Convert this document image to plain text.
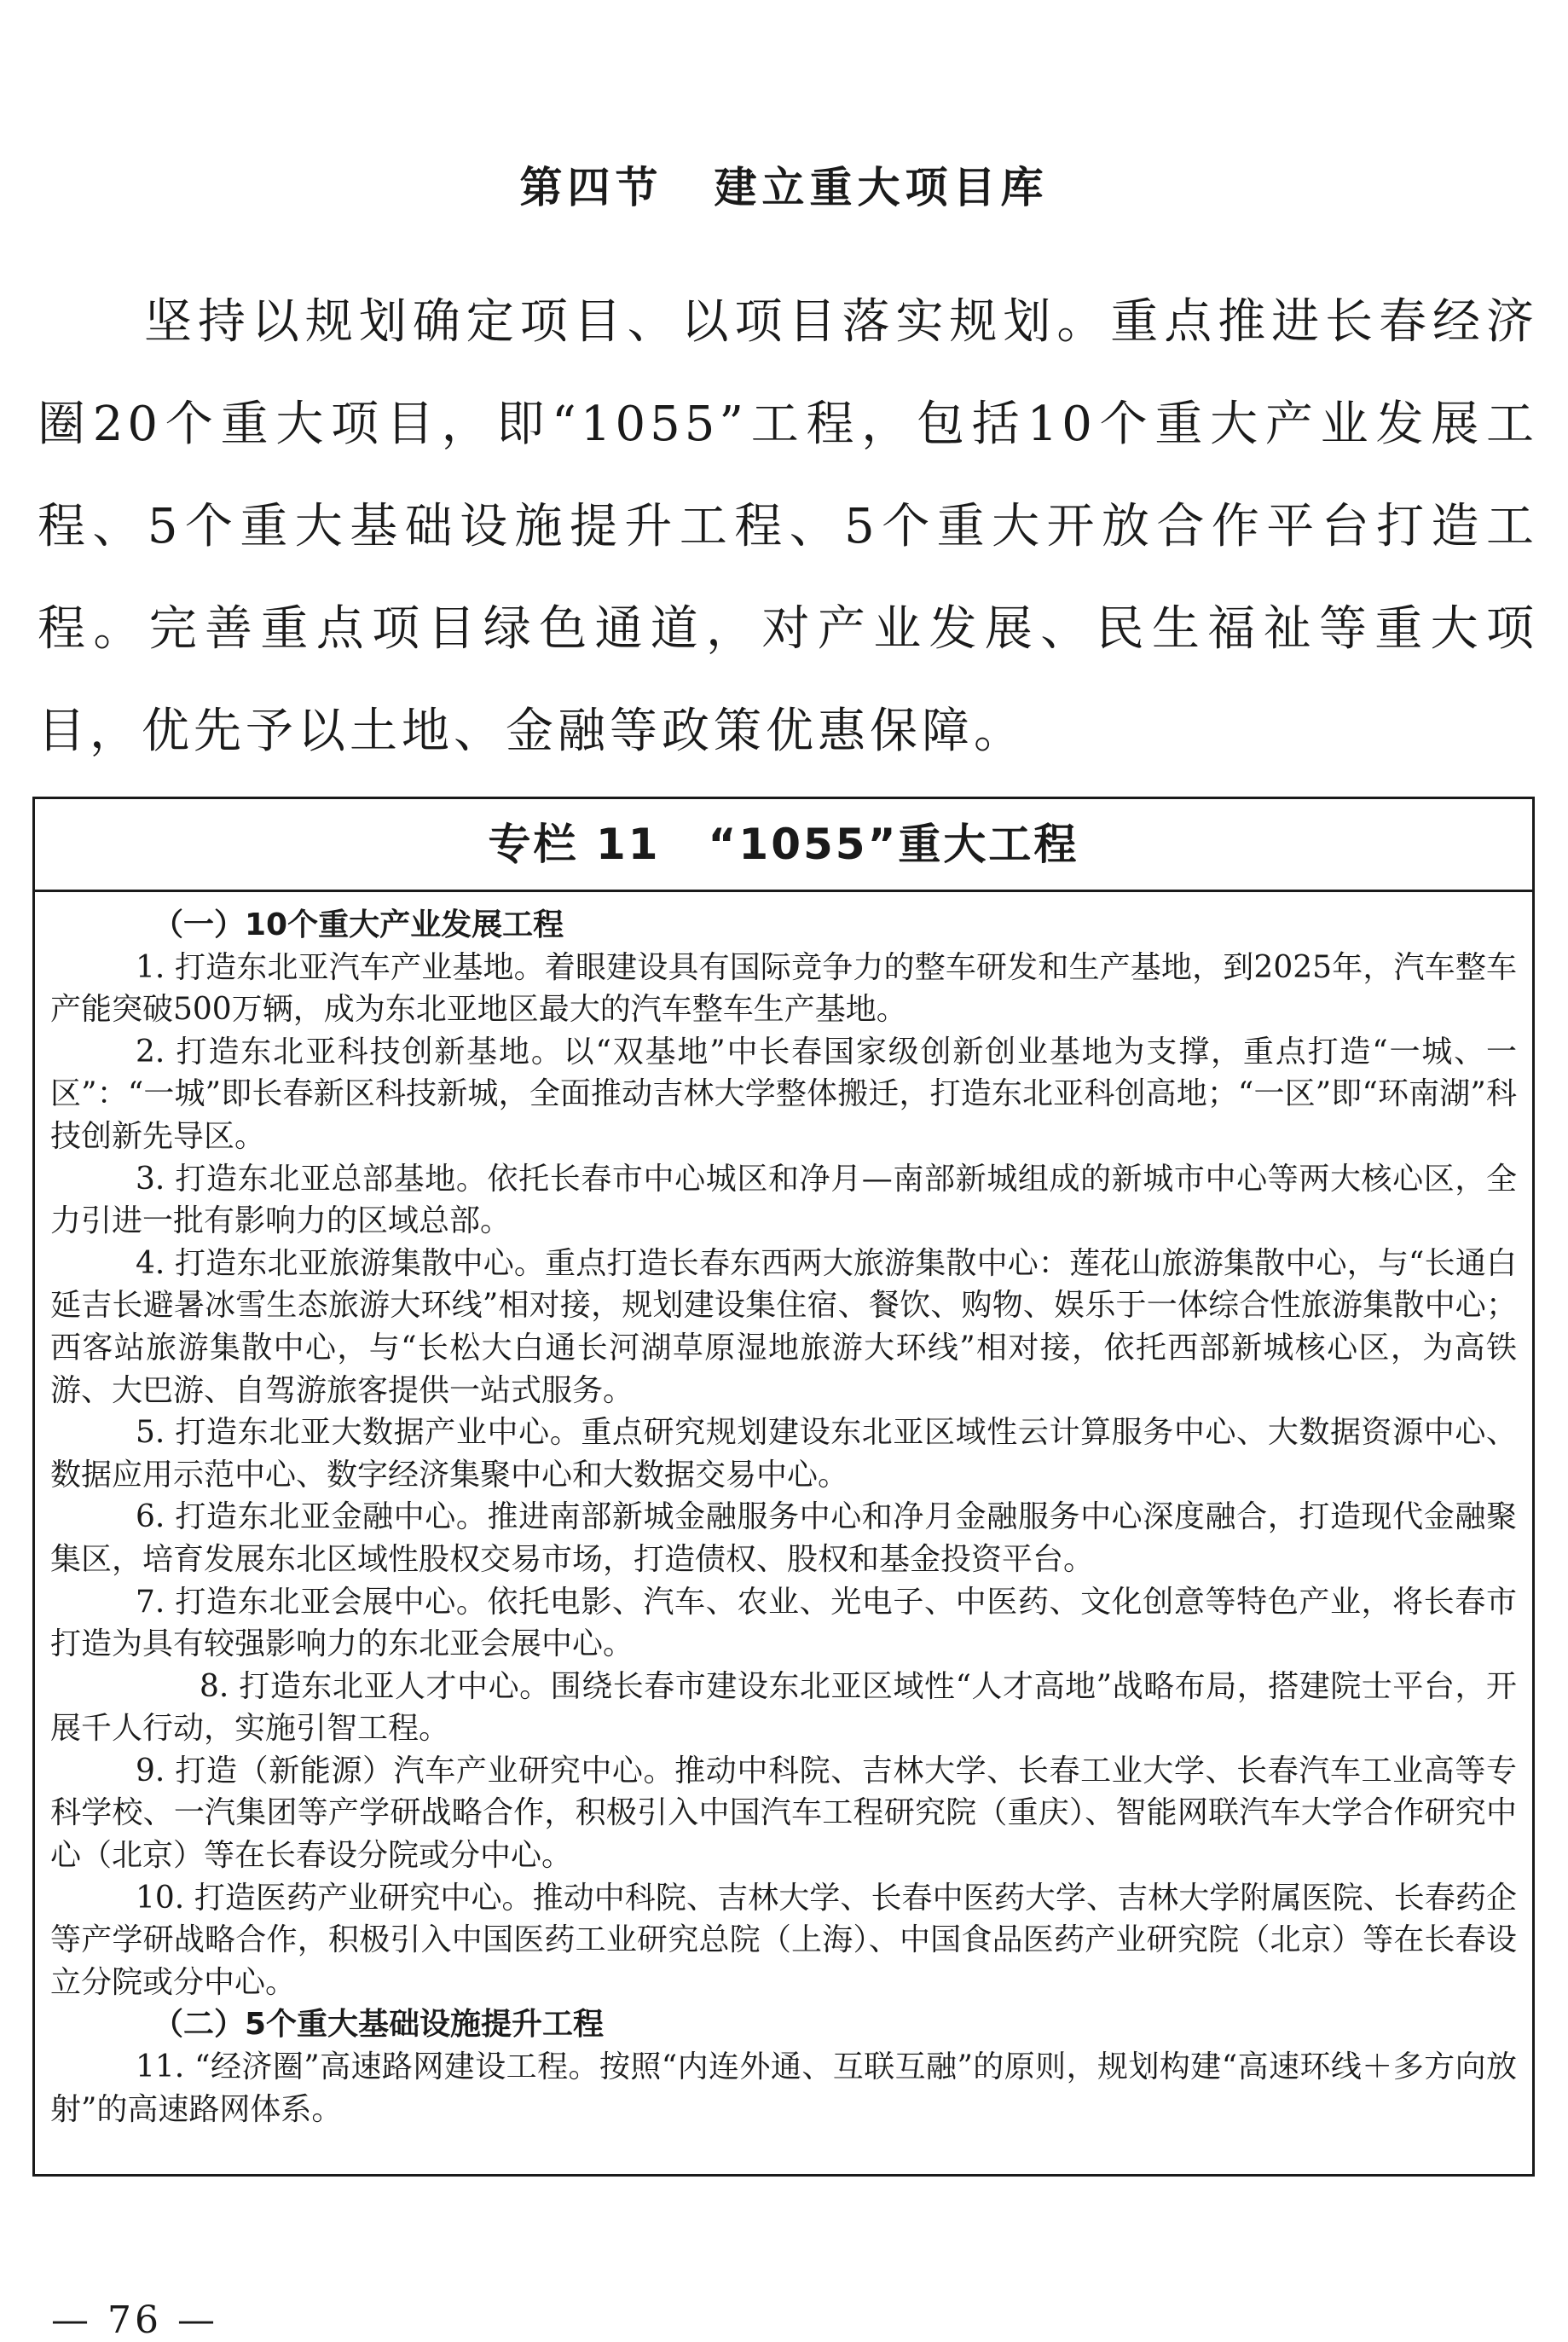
第四节 建立重大项目库

坚持以规划确定项目、以项目落实规划。重点推进长春经济圈20个重大项目，即“1055”工程，包括10个重大产业发展工程、5个重大基础设施提升工程、5个重大开放合作平台打造工程。完善重点项目绿色通道，对产业发展、民生福祉等重大项目，优先予以土地、金融等政策优惠保障。

专栏 11 “1055”重大工程

（一）10个重大产业发展工程

1. 打造东北亚汽车产业基地。着眼建设具有国际竞争力的整车研发和生产基地，到2025年，汽车整车产能突破500万辆，成为东北亚地区最大的汽车整车生产基地。

2. 打造东北亚科技创新基地。以“双基地”中长春国家级创新创业基地为支撑，重点打造“一城、一区”：“一城”即长春新区科技新城，全面推动吉林大学整体搬迁，打造东北亚科创高地；“一区”即“环南湖”科技创新先导区。

3. 打造东北亚总部基地。依托长春市中心城区和净月—南部新城组成的新城市中心等两大核心区，全力引进一批有影响力的区域总部。

4. 打造东北亚旅游集散中心。重点打造长春东西两大旅游集散中心：莲花山旅游集散中心，与“长通白延吉长避暑冰雪生态旅游大环线”相对接，规划建设集住宿、餐饮、购物、娱乐于一体综合性旅游集散中心；西客站旅游集散中心，与“长松大白通长河湖草原湿地旅游大环线”相对接，依托西部新城核心区，为高铁游、大巴游、自驾游旅客提供一站式服务。

5. 打造东北亚大数据产业中心。重点研究规划建设东北亚区域性云计算服务中心、大数据资源中心、数据应用示范中心、数字经济集聚中心和大数据交易中心。

6. 打造东北亚金融中心。推进南部新城金融服务中心和净月金融服务中心深度融合，打造现代金融聚集区，培育发展东北区域性股权交易市场，打造债权、股权和基金投资平台。

7. 打造东北亚会展中心。依托电影、汽车、农业、光电子、中医药、文化创意等特色产业，将长春市打造为具有较强影响力的东北亚会展中心。

8. 打造东北亚人才中心。围绕长春市建设东北亚区域性“人才高地”战略布局，搭建院士平台，开展千人行动，实施引智工程。

9. 打造（新能源）汽车产业研究中心。推动中科院、吉林大学、长春工业大学、长春汽车工业高等专科学校、一汽集团等产学研战略合作，积极引入中国汽车工程研究院（重庆）、智能网联汽车大学合作研究中心（北京）等在长春设分院或分中心。

10. 打造医药产业研究中心。推动中科院、吉林大学、长春中医药大学、吉林大学附属医院、长春药企等产学研战略合作，积极引入中国医药工业研究总院（上海）、中国食品医药产业研究院（北京）等在长春设立分院或分中心。

（二）5个重大基础设施提升工程

11. “经济圈”高速路网建设工程。按照“内连外通、互联互融”的原则，规划构建“高速环线＋多方向放射”的高速路网体系。

— 76 —
